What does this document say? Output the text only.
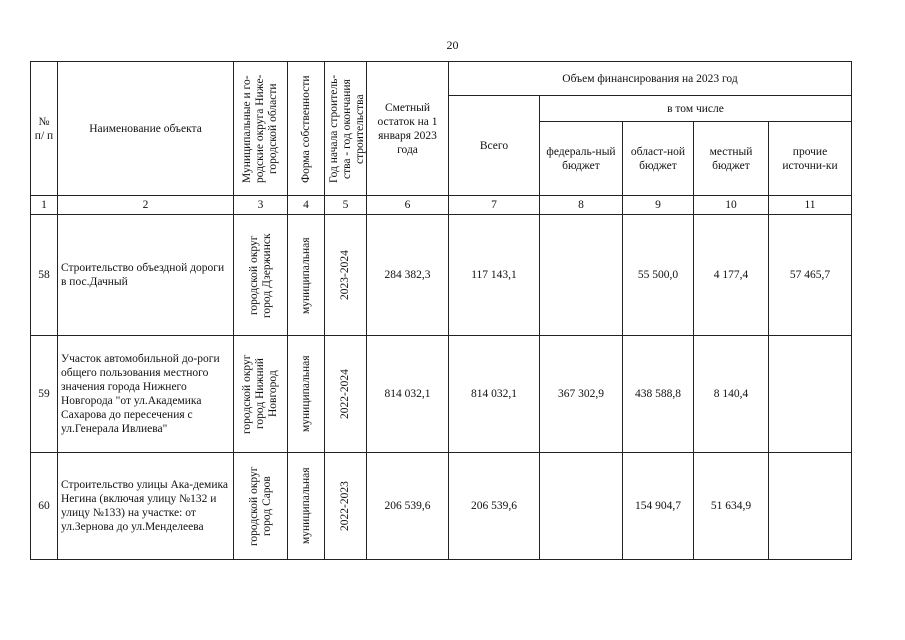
20
№ п/ п	Наименование объекта	Муниципальные и го-родские округа Ниже-городской области	Форма собственности	Год начала строитель-ства - год окончания строительства	Сметный остаток на 1 января 2023 года	Объем финансирования на 2023 год				
						Всего	в том числе			
							федераль-ный бюджет	област-ной бюджет	местный бюджет	прочие источни-ки
1	2	3	4	5	6	7	8	9	10	11
58	Строительство объездной дороги в пос.Дачный	городской округ город Дзержинск	муниципальная	2023-2024	284 382,3	117 143,1		55 500,0	4 177,4	57 465,7
59	Участок автомобильной до-роги общего пользования местного значения города Нижнего Новгорода "от ул.Академика Сахарова до пересечения с ул.Генерала Ивлиева"	городской округ город Нижний Новгород	муниципальная	2022-2024	814 032,1	814 032,1	367 302,9	438 588,8	8 140,4	
60	Строительство улицы Ака-демика Негина (включая улицу №132 и улицу №133) на участке: от ул.Зернова до ул.Менделеева	городской округ город Саров	муниципальная	2022-2023	206 539,6	206 539,6		154 904,7	51 634,9	
